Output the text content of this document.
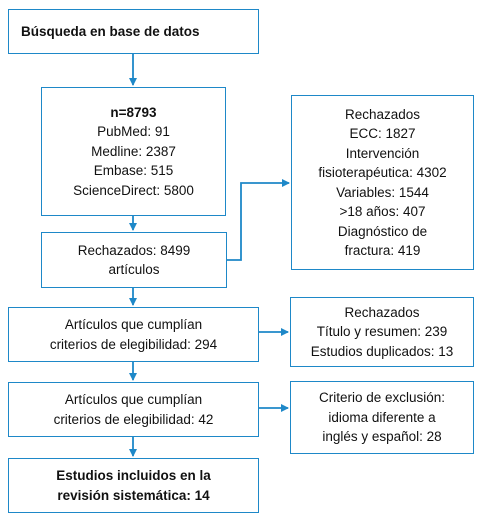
Búsqueda en base de datos
n=8793
PubMed: 91
Medline: 2387
Embase: 515
ScienceDirect: 5800
Rechazados: 8499
artículos
Rechazados
ECC: 1827
Intervención
fisioterapéutica: 4302
Variables: 1544
>18 años: 407
Diagnóstico de
fractura: 419
Artículos que cumplían
criterios de elegibilidad: 294
Rechazados
Título y resumen: 239
Estudios duplicados: 13
Artículos que cumplían
criterios de elegibilidad: 42
Criterio de exclusión:
idioma diferente a
inglés y español: 28
Estudios incluidos en la
revisión sistemática: 14
